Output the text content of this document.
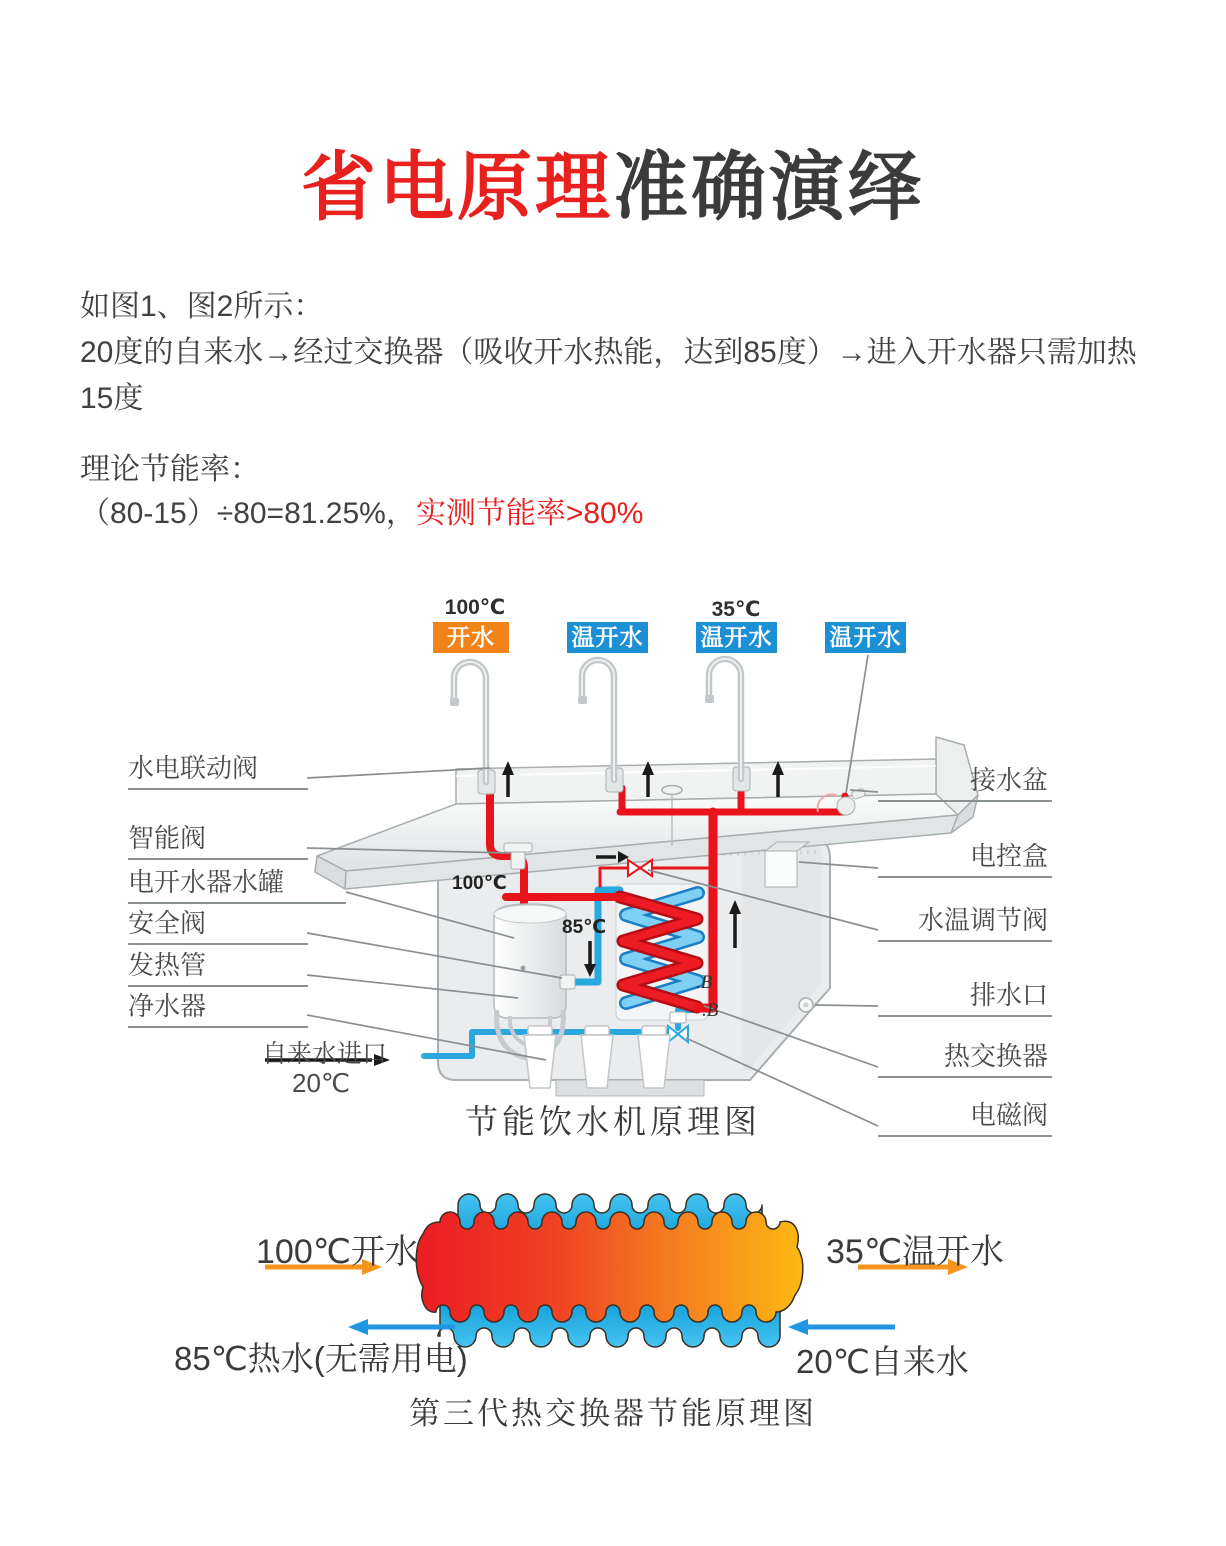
省电原理准确演绎
如图1、图2所示：
20度的自来水→经过交换器（吸收开水热能，达到85度）→进入开水器只需加热15度
理论节能率：
（80-15）÷80=81.25%，实测节能率>80%
100℃	35℃
开水	温开水 温开水 温开水
水电联动阀
智能阀
电开水器水罐
安全阀
发热管
净水器
接水盆
电控盒
水温调节阀
排水口
热交换器
电磁阀
自来水进口
20℃
100℃
85℃
.B
.B
节能饮水机原理图
100℃开水	35℃温开水
85℃热水(无需用电)	20℃自来水
第三代热交换器节能原理图
